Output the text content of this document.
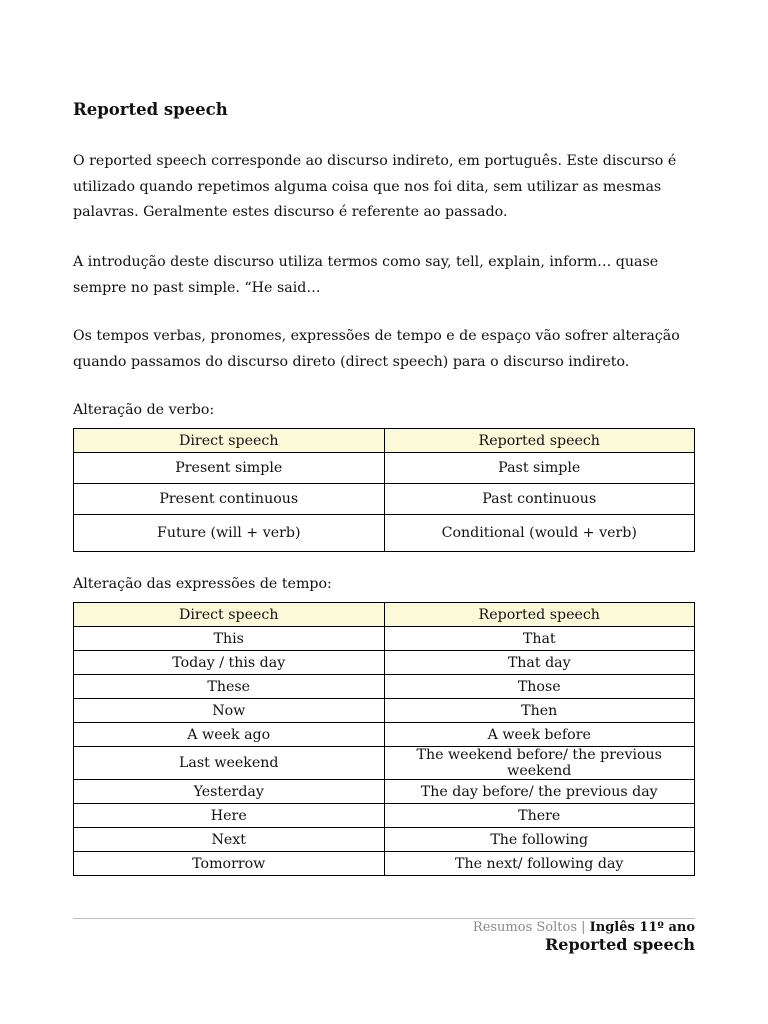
Reported speech

O reported speech corresponde ao discurso indireto, em português. Este discurso é utilizado quando repetimos alguma coisa que nos foi dita, sem utilizar as mesmas palavras. Geralmente estes discurso é referente ao passado.

A introdução deste discurso utiliza termos como say, tell, explain, inform… quase sempre no past simple. “He said…

Os tempos verbas, pronomes, expressões de tempo e de espaço vão sofrer alteração quando passamos do discurso direto (direct speech) para o discurso indireto.

Alteração de verbo:
Direct speech	Reported speech
Present simple	Past simple
Present continuous	Past continuous
Future (will + verb)	Conditional (would + verb)
Alteração das expressões de tempo:
Direct speech	Reported speech
This	That
Today / this day	That day
These	Those
Now	Then
A week ago	A week before
Last weekend	The weekend before/ the previous weekend
Yesterday	The day before/ the previous day
Here	There
Next	The following
Tomorrow	The next/ following day
Resumos Soltos | Inglês 11º ano
Reported speech
